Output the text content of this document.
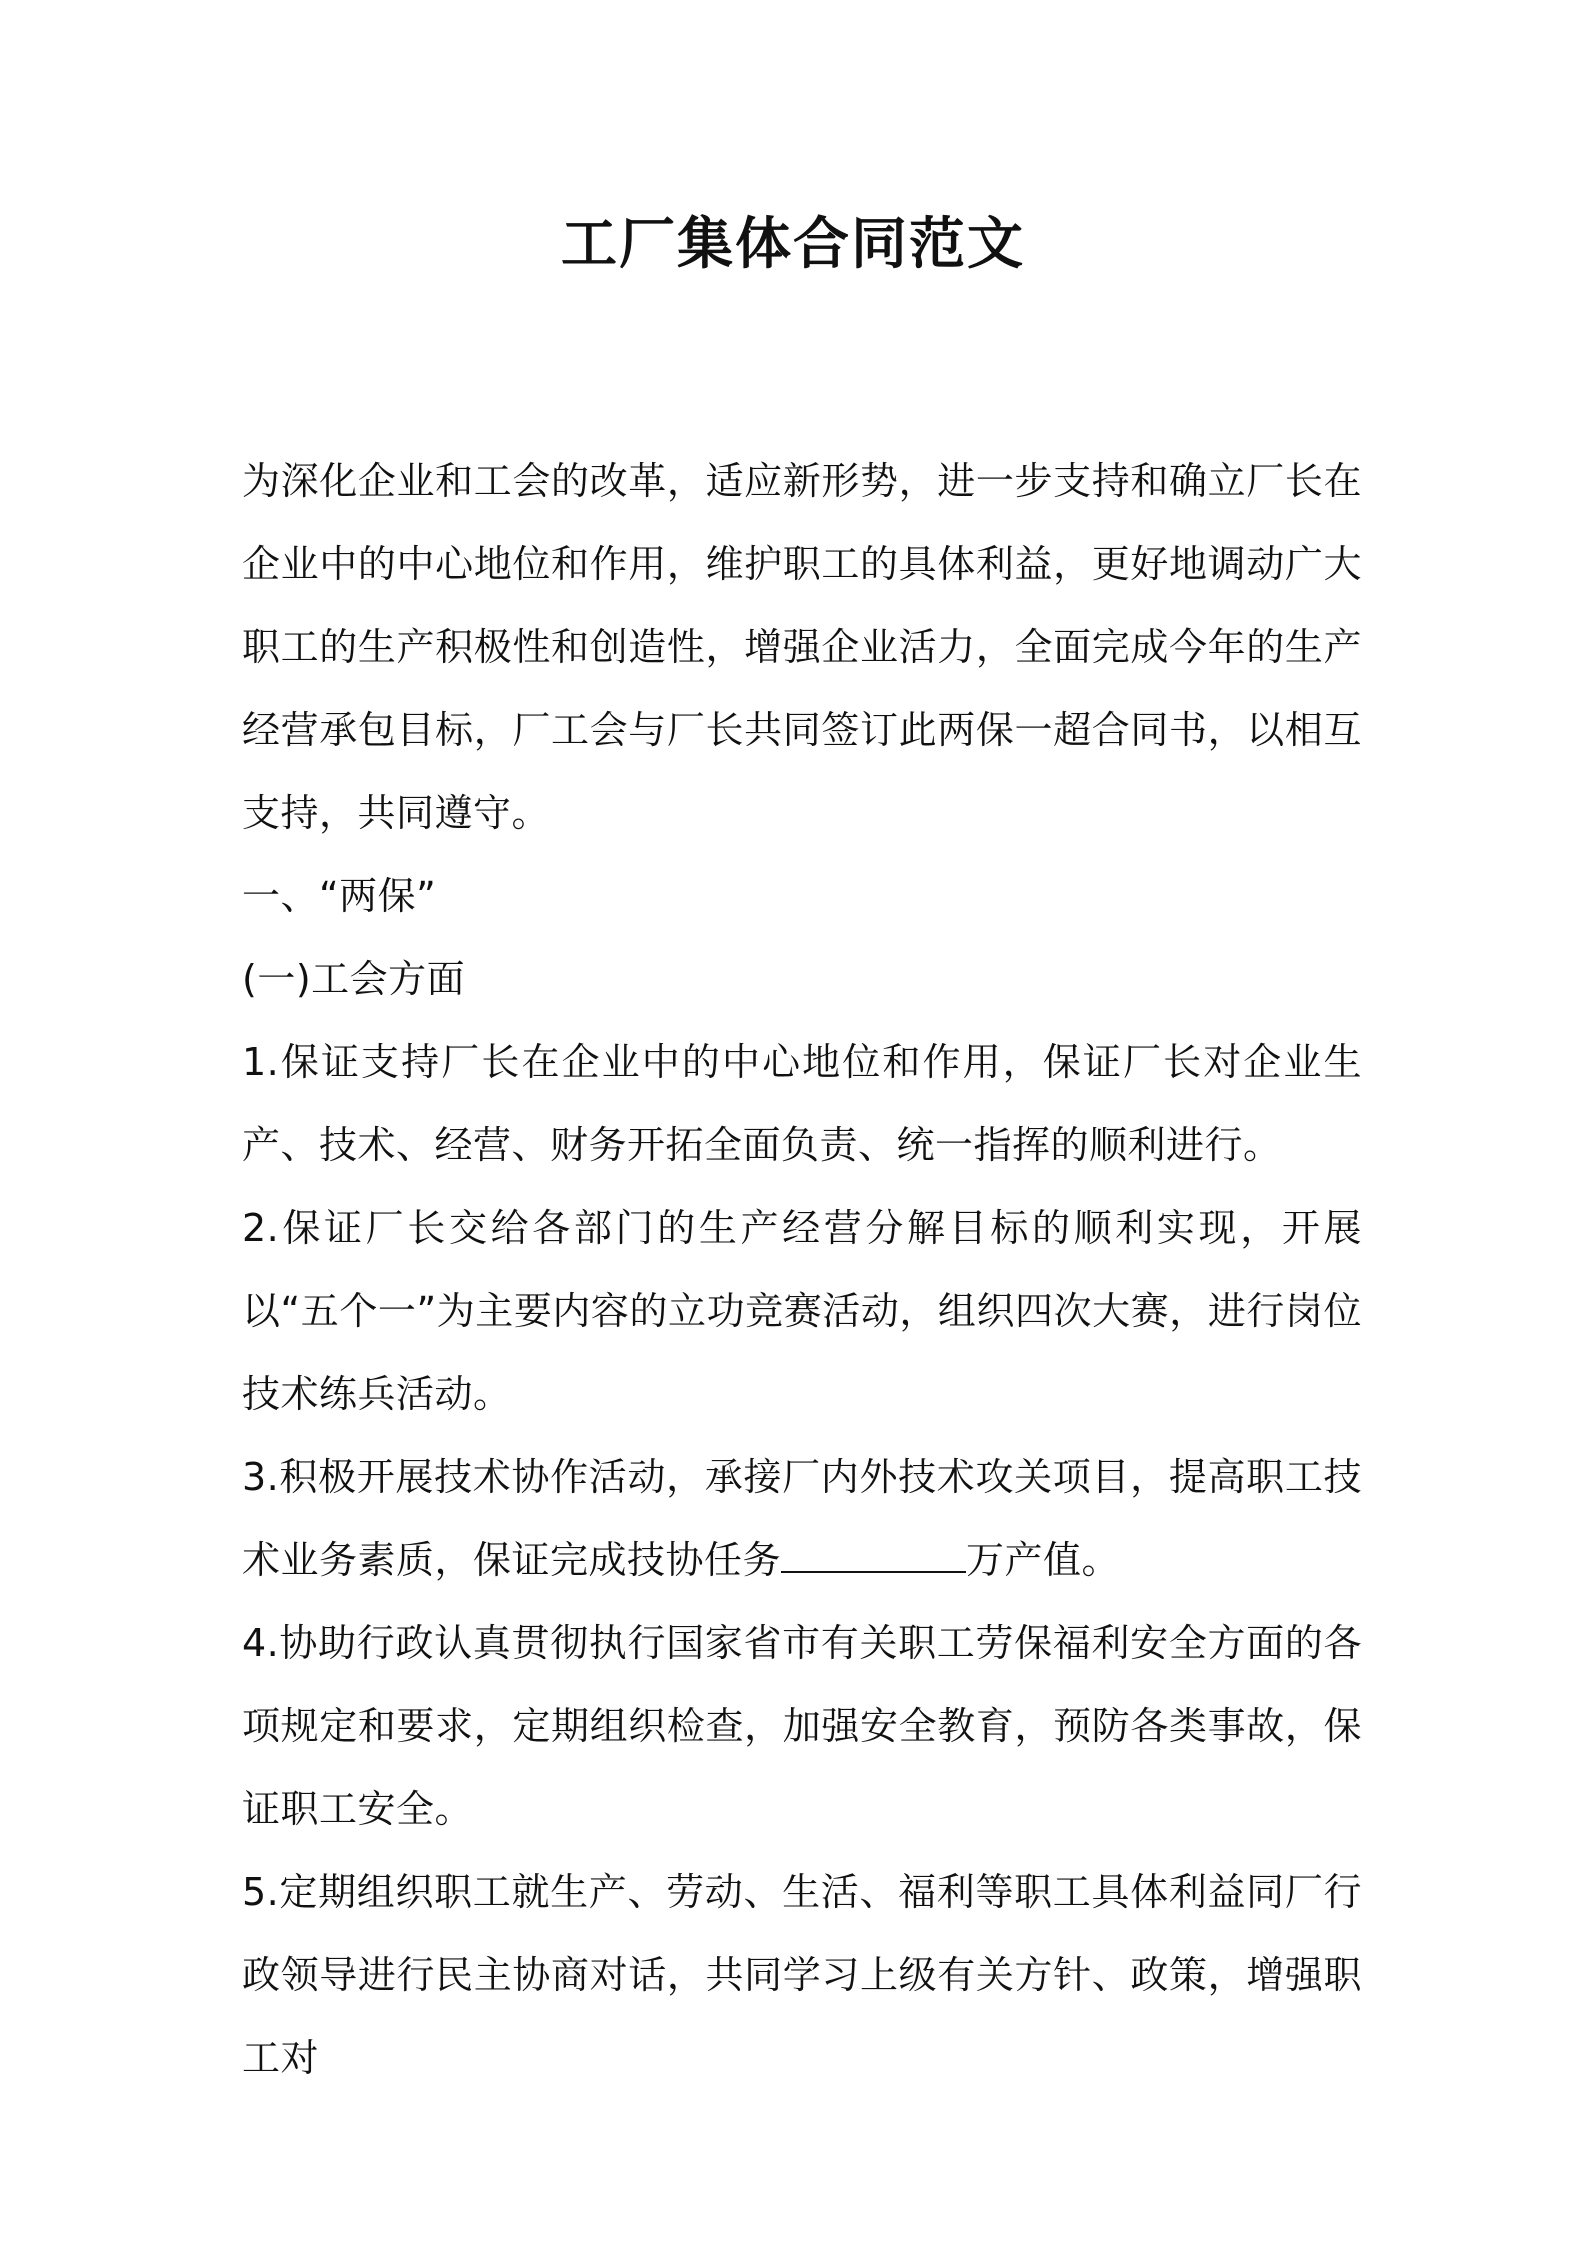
工厂集体合同范文

为深化企业和工会的改革，适应新形势，进一步支持和确立厂长在企业中的中心地位和作用，维护职工的具体利益，更好地调动广大职工的生产积极性和创造性，增强企业活力，全面完成今年的生产经营承包目标，厂工会与厂长共同签订此两保一超合同书，以相互支持，共同遵守。

一、“两保”

(一)工会方面

1.保证支持厂长在企业中的中心地位和作用，保证厂长对企业生产、技术、经营、财务开拓全面负责、统一指挥的顺利进行。

2.保证厂长交给各部门的生产经营分解目标的顺利实现，开展以“五个一”为主要内容的立功竞赛活动，组织四次大赛，进行岗位技术练兵活动。

3.积极开展技术协作活动，承接厂内外技术攻关项目，提高职工技术业务素质，保证完成技协任务	万产值。

4.协助行政认真贯彻执行国家省市有关职工劳保福利安全方面的各项规定和要求，定期组织检查，加强安全教育，预防各类事故，保证职工安全。

5.定期组织职工就生产、劳动、生活、福利等职工具体利益同厂行政领导进行民主协商对话，共同学习上级有关方针、政策，增强职工对
